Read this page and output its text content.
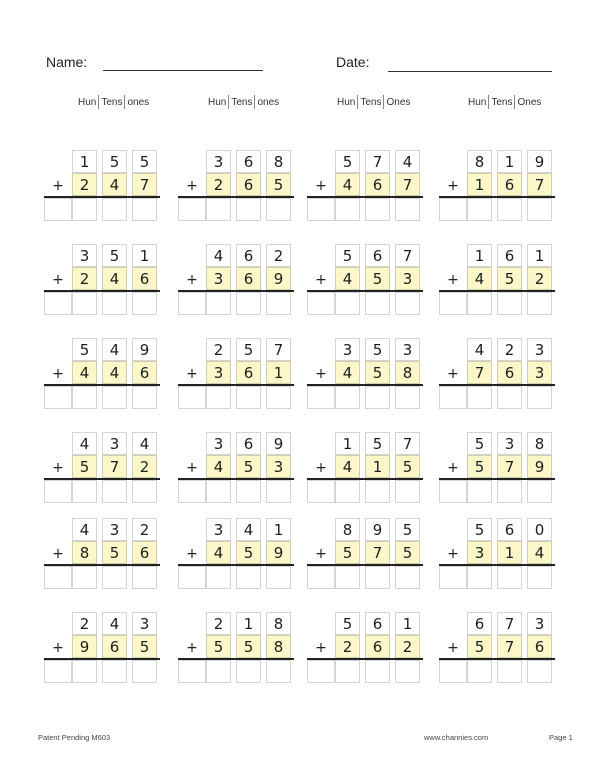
Name:	Date:
Hun Tens ones	Hun Tens ones	Hun Tens Ones	Hun Tens Ones
1	5	5
+	2	4	7
3	6	8
+	2	6	5
5	7	4
+	4	6	7
8	1	9
+	1	6	7
3	5	1
+	2	4	6
4	6	2
+	3	6	9
5	6	7
+	4	5	3
1	6	1
+	4	5	2
5	4	9
+	4	4	6
2	5	7
+	3	6	1
3	5	3
+	4	5	8
4	2	3
+	7	6	3
4	3	4
+	5	7	2
3	6	9
+	4	5	3
1	5	7
+	4	1	5
5	3	8
+	5	7	9
4	3	2
+	8	5	6
3	4	1
+	4	5	9
8	9	5
+	5	7	5
5	6	0
+	3	1	4
2	4	3
+	9	6	5
2	1	8
+	5	5	8
5	6	1
+	2	6	2
6	7	3
+	5	7	6
Patent Pending M603	www.channies.com	Page 1
